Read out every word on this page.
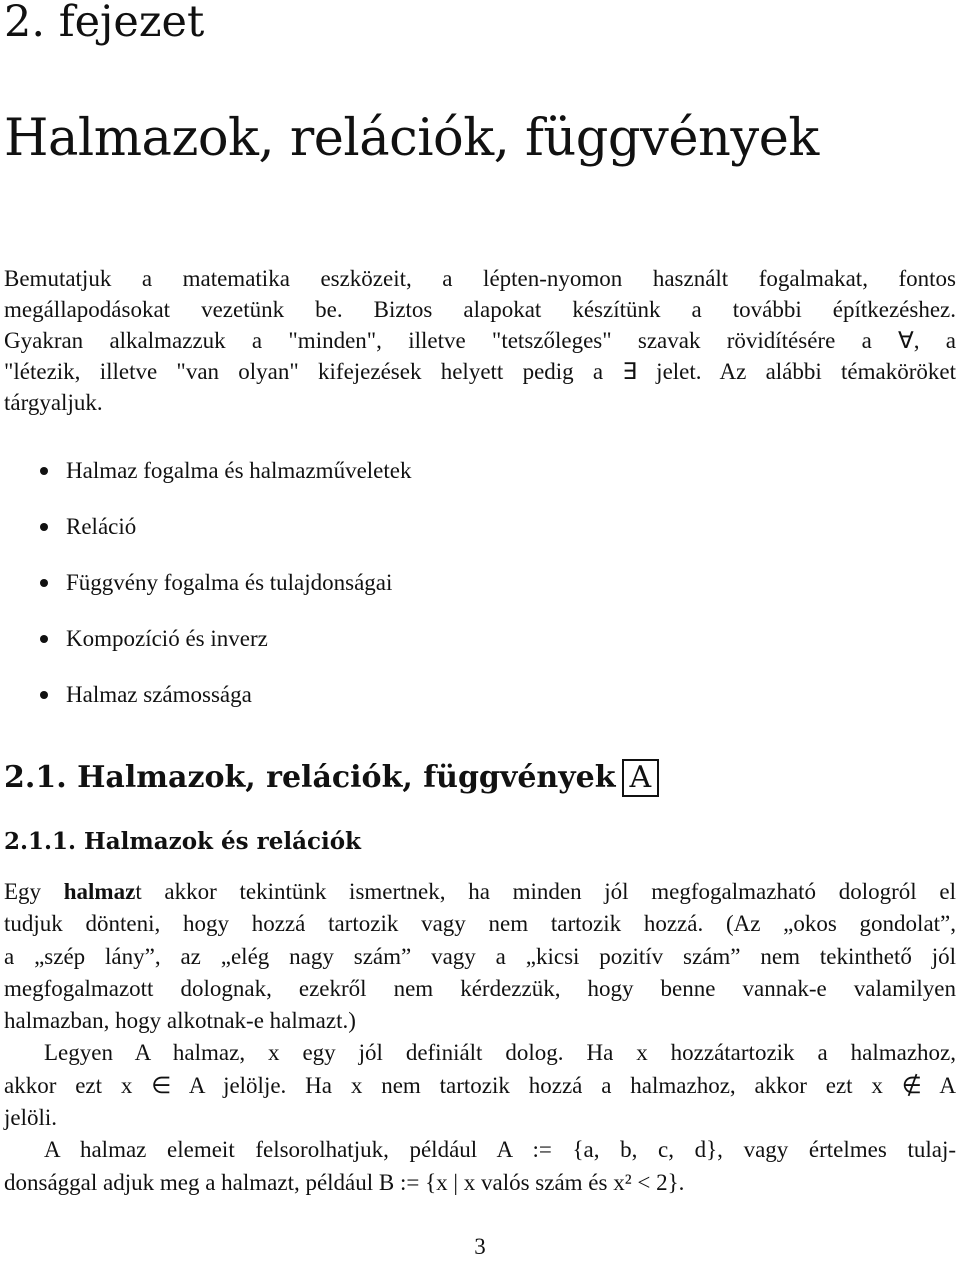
2. fejezet
Halmazok, relációk, függvények
Bemutatjuk a matematika eszközeit, a lépten-nyomon használt fogalmakat, fontos
megállapodásokat vezetünk be. Biztos alapokat készítünk a további építkezéshez.
Gyakran alkalmazzuk a "minden", illetve "tetszőleges" szavak rövidítésére a ∀, a
"létezik, illetve "van olyan" kifejezések helyett pedig a ∃ jelet. Az alábbi témaköröket
tárgyaljuk.
Halmaz fogalma és halmazműveletek
Reláció
Függvény fogalma és tulajdonságai
Kompozíció és inverz
Halmaz számossága
2.1. Halmazok, relációk, függvények A
2.1.1. Halmazok és relációk
Egy halmazt akkor tekintünk ismertnek, ha minden jól megfogalmazható dologról el
tudjuk dönteni, hogy hozzá tartozik vagy nem tartozik hozzá. (Az „okos gondolat”,
a „szép lány”, az „elég nagy szám” vagy a „kicsi pozitív szám” nem tekinthető jól
megfogalmazott dolognak, ezekről nem kérdezzük, hogy benne vannak-e valamilyen
halmazban, hogy alkotnak-e halmazt.)
Legyen A halmaz, x egy jól definiált dolog. Ha x hozzátartozik a halmazhoz,
akkor ezt x ∈ A jelölje. Ha x nem tartozik hozzá a halmazhoz, akkor ezt x ∉ A
jelöli.
A halmaz elemeit felsorolhatjuk, például A := {a, b, c, d}, vagy értelmes tulaj-
donsággal adjuk meg a halmazt, például B := {x | x valós szám és x² < 2}.
3
